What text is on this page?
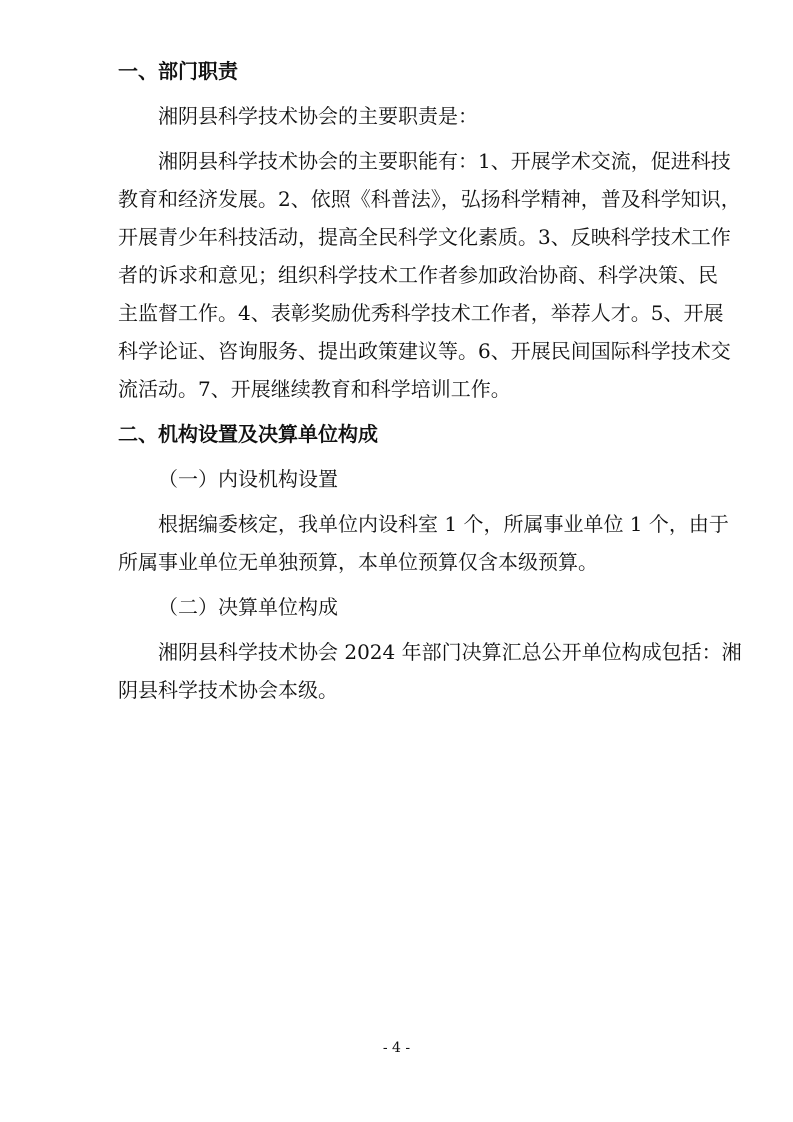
一、部门职责
湘阴县科学技术协会的主要职责是：
湘阴县科学技术协会的主要职能有：1、开展学术交流，促进科技
教育和经济发展。2、依照《科普法》，弘扬科学精神，普及科学知识，
开展青少年科技活动，提高全民科学文化素质。3、反映科学技术工作
者的诉求和意见；组织科学技术工作者参加政治协商、科学决策、民
主监督工作。4、表彰奖励优秀科学技术工作者，举荐人才。5、开展
科学论证、咨询服务、提出政策建议等。6、开展民间国际科学技术交
流活动。7、开展继续教育和科学培训工作。
二、机构设置及决算单位构成
（一）内设机构设置
根据编委核定，我单位内设科室 1 个，所属事业单位 1 个，由于
所属事业单位无单独预算，本单位预算仅含本级预算。
（二）决算单位构成
湘阴县科学技术协会 2024 年部门决算汇总公开单位构成包括：湘
阴县科学技术协会本级。
- 4 -
